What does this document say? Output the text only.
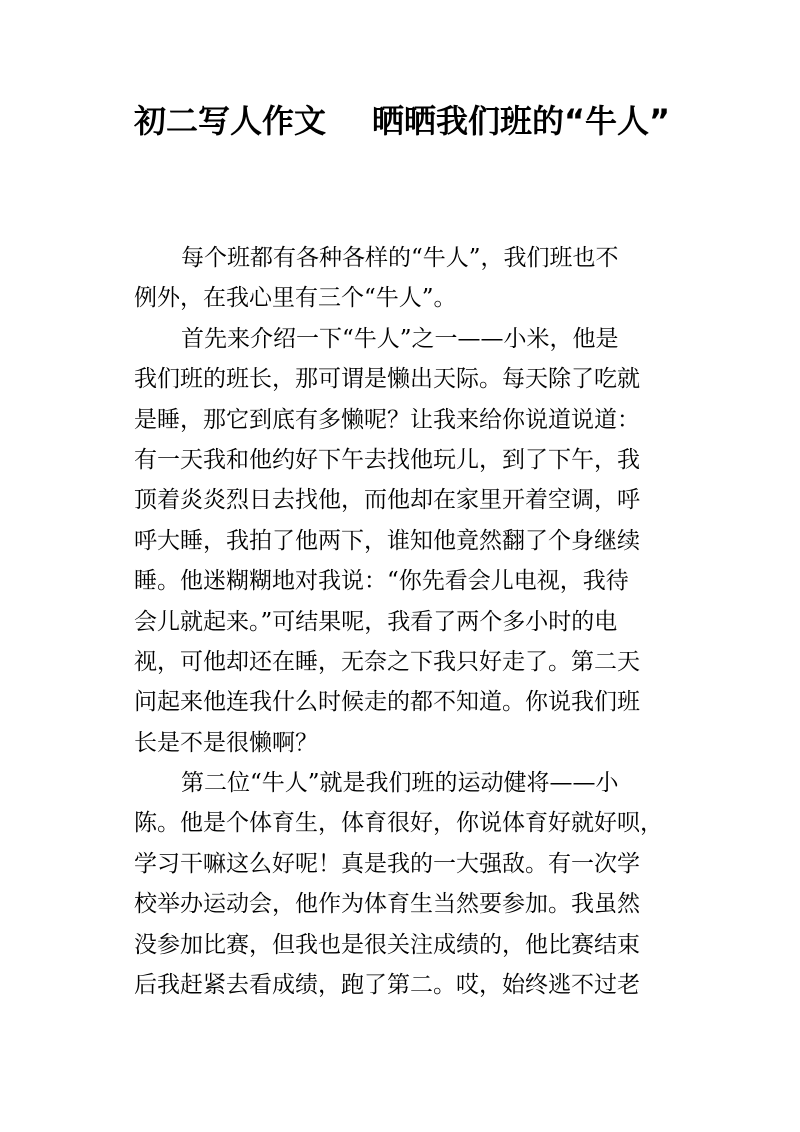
初二写人作文 晒晒我们班的“牛人”
每个班都有各种各样的“牛人”，我们班也不
例外，在我心里有三个“牛人”。
首先来介绍一下“牛人”之一——小米，他是
我们班的班长，那可谓是懒出天际。每天除了吃就
是睡，那它到底有多懒呢？让我来给你说道说道：
有一天我和他约好下午去找他玩儿，到了下午，我
顶着炎炎烈日去找他，而他却在家里开着空调，呼
呼大睡，我拍了他两下，谁知他竟然翻了个身继续
睡。他迷糊糊地对我说：“你先看会儿电视，我待
会儿就起来。”可结果呢，我看了两个多小时的电
视，可他却还在睡，无奈之下我只好走了。第二天
问起来他连我什么时候走的都不知道。你说我们班
长是不是很懒啊？
第二位“牛人”就是我们班的运动健将——小
陈。他是个体育生，体育很好，你说体育好就好呗，
学习干嘛这么好呢！真是我的一大强敌。有一次学
校举办运动会，他作为体育生当然要参加。我虽然
没参加比赛，但我也是很关注成绩的，他比赛结束
后我赶紧去看成绩，跑了第二。哎，始终逃不过老
